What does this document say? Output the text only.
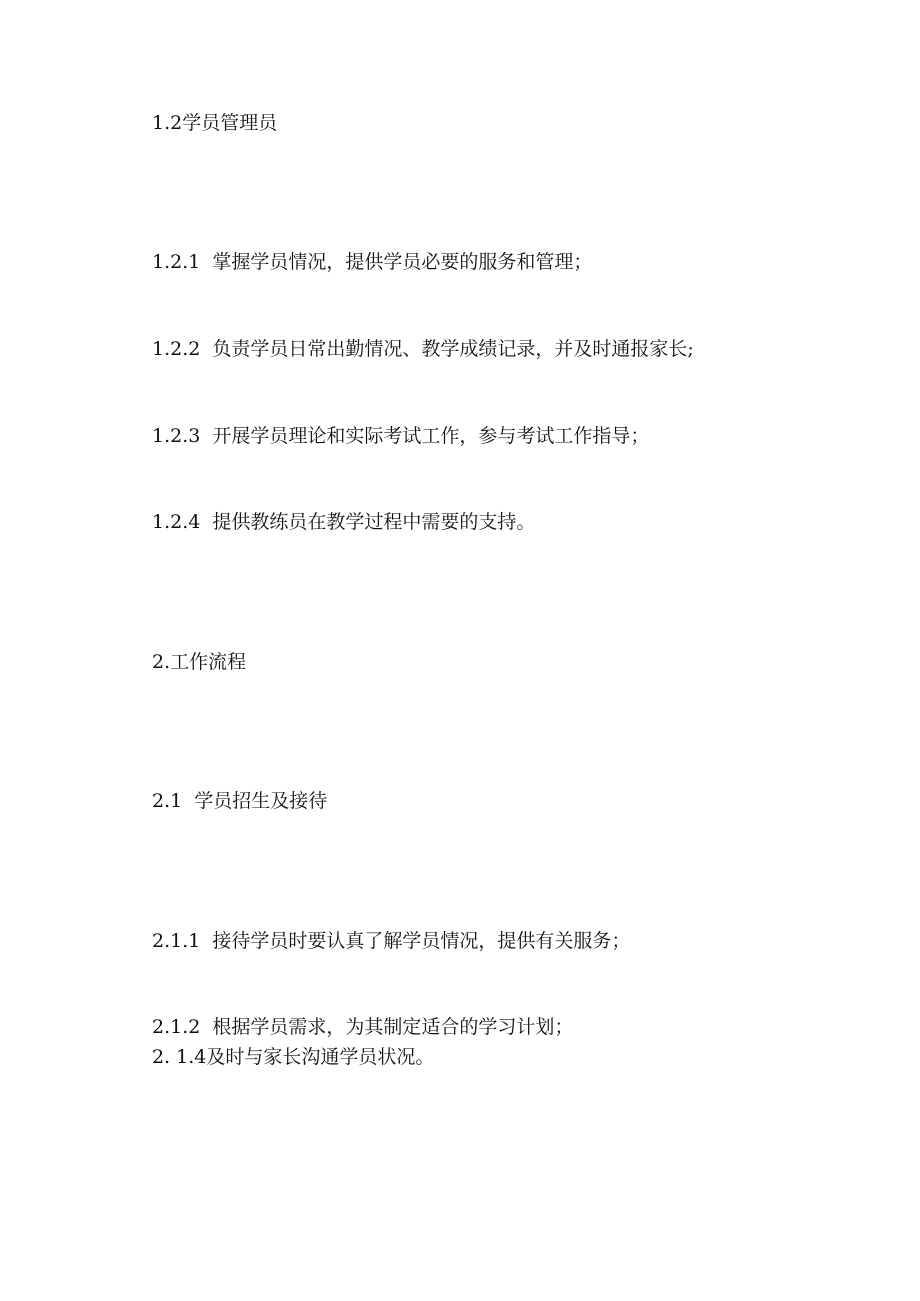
1.2学员管理员

1.2.1  掌握学员情况，提供学员必要的服务和管理；

1.2.2  负责学员日常出勤情况、教学成绩记录，并及时通报家长;

1.2.3  开展学员理论和实际考试工作，参与考试工作指导；

1.2.4  提供教练员在教学过程中需要的支持。

2.工作流程
2.1  学员招生及接待

2.1.1  接待学员时要认真了解学员情况，提供有关服务；

2.1.2  根据学员需求，为其制定适合的学习计划；

2. 1.4及时与家长沟通学员状况。
